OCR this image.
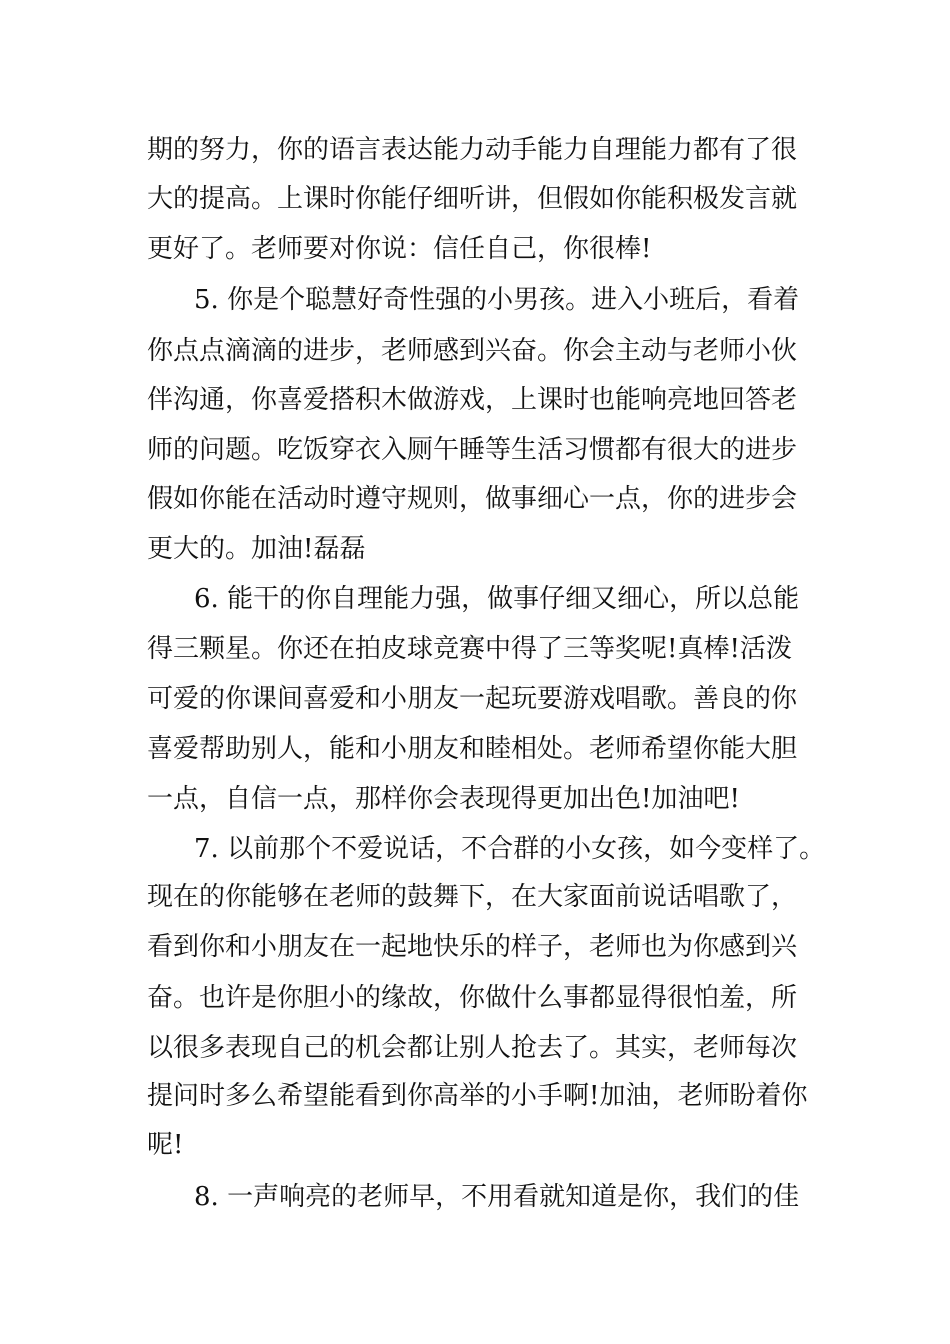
期的努力，你的语言表达能力动手能力自理能力都有了很
大的提高。上课时你能仔细听讲，但假如你能积极发言就
更好了。老师要对你说：信任自己，你很棒!
5. 你是个聪慧好奇性强的小男孩。进入小班后，看着
你点点滴滴的进步，老师感到兴奋。你会主动与老师小伙
伴沟通，你喜爱搭积木做游戏，上课时也能响亮地回答老
师的问题。吃饭穿衣入厕午睡等生活习惯都有很大的进步
假如你能在活动时遵守规则，做事细心一点，你的进步会
更大的。加油!磊磊
6. 能干的你自理能力强，做事仔细又细心，所以总能
得三颗星。你还在拍皮球竞赛中得了三等奖呢!真棒!活泼
可爱的你课间喜爱和小朋友一起玩要游戏唱歌。善良的你
喜爱帮助别人，能和小朋友和睦相处。老师希望你能大胆
一点，自信一点，那样你会表现得更加出色!加油吧!
7. 以前那个不爱说话，不合群的小女孩，如今变样了。
现在的你能够在老师的鼓舞下，在大家面前说话唱歌了，
看到你和小朋友在一起地快乐的样子，老师也为你感到兴
奋。也许是你胆小的缘故，你做什么事都显得很怕羞，所
以很多表现自己的机会都让别人抢去了。其实，老师每次
提问时多么希望能看到你高举的小手啊!加油，老师盼着你
呢!
8. 一声响亮的老师早，不用看就知道是你，我们的佳
